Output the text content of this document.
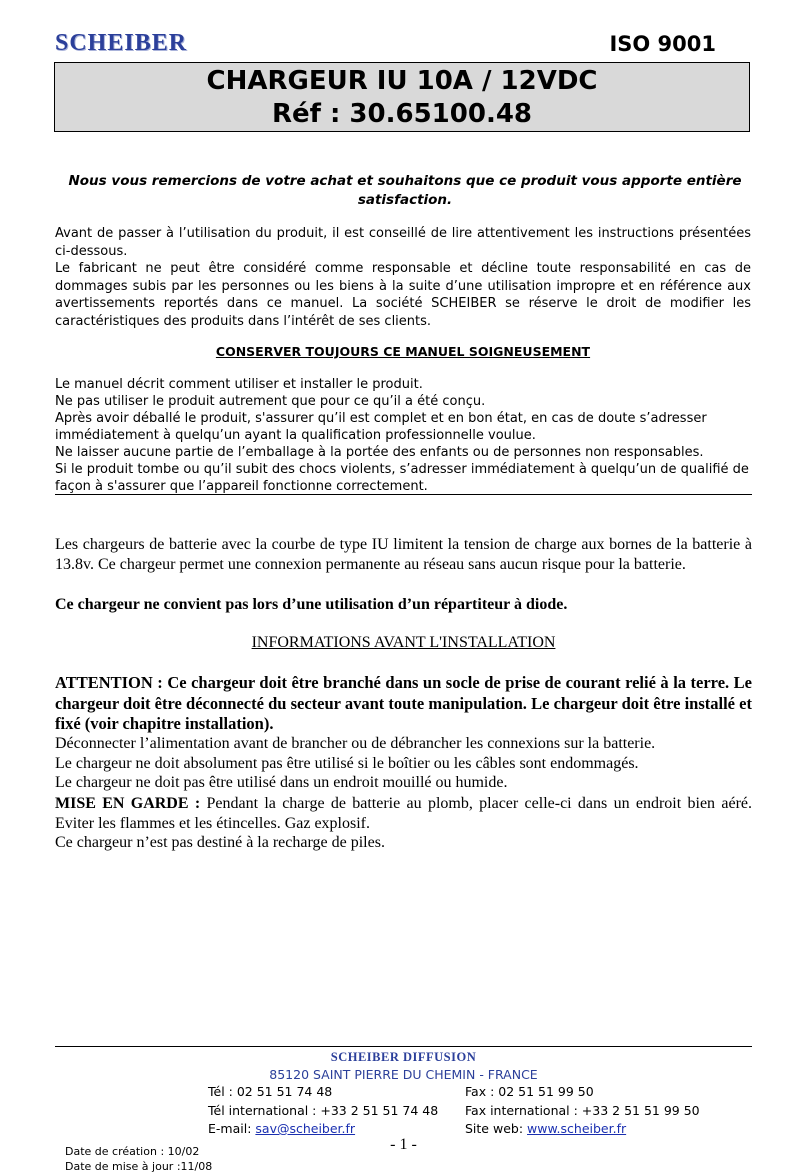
SCHEIBER	ISO 9001
CHARGEUR IU 10A / 12VDC
Réf : 30.65100.48
Nous vous remercions de votre achat et souhaitons que ce produit vous apporte entière satisfaction.
Avant de passer à l’utilisation du produit, il est conseillé de lire attentivement les instructions présentées ci-dessous.
Le fabricant ne peut être considéré comme responsable et décline toute responsabilité en cas de dommages subis par les personnes ou les biens à la suite d’une utilisation impropre et en référence aux avertissements reportés dans ce manuel. La société SCHEIBER se réserve le droit de modifier les caractéristiques des produits dans l’intérêt de ses clients.
CONSERVER TOUJOURS CE MANUEL SOIGNEUSEMENT
Le manuel décrit comment utiliser et installer le produit.
Ne pas utiliser le produit autrement que pour ce qu’il a été conçu.
Après avoir déballé le produit, s'assurer qu’il est complet et en bon état, en cas de doute s’adresser immédiatement à quelqu’un ayant la qualification professionnelle voulue.
Ne laisser aucune partie de l’emballage à la portée des enfants ou de personnes non responsables.
Si le produit tombe ou qu’il subit des chocs violents, s’adresser immédiatement à quelqu’un de qualifié de façon à s'assurer que l’appareil fonctionne correctement.
Les chargeurs de batterie avec la courbe de type IU limitent la tension de charge aux bornes de la batterie à 13.8v. Ce chargeur permet une connexion permanente au réseau sans aucun risque pour la batterie.
Ce chargeur ne convient pas lors d’une utilisation d’un répartiteur à diode.
INFORMATIONS AVANT L'INSTALLATION
ATTENTION : Ce chargeur doit être branché dans un socle de prise de courant relié à la terre. Le chargeur doit être déconnecté du secteur avant toute manipulation. Le chargeur doit être installé et fixé (voir chapitre installation).
Déconnecter l’alimentation avant de brancher ou de débrancher les connexions sur la batterie.
Le chargeur ne doit absolument pas être utilisé si le boîtier ou les câbles sont endommagés.
Le chargeur ne doit pas être utilisé dans un endroit mouillé ou humide.
MISE EN GARDE : Pendant la charge de batterie au plomb, placer celle-ci dans un endroit bien aéré. Eviter les flammes et les étincelles. Gaz explosif.
Ce chargeur n’est pas destiné à la recharge de piles.
SCHEIBER DIFFUSION
85120 SAINT PIERRE DU CHEMIN - FRANCE
Tél : 02 51 51 74 48
Tél international : +33 2 51 51 74 48
E-mail: sav@scheiber.fr
Fax : 02 51 51 99 50
Fax international : +33 2 51 51 99 50
Site web: www.scheiber.fr
- 1 -
Date de création : 10/02
Date de mise à jour :11/08
